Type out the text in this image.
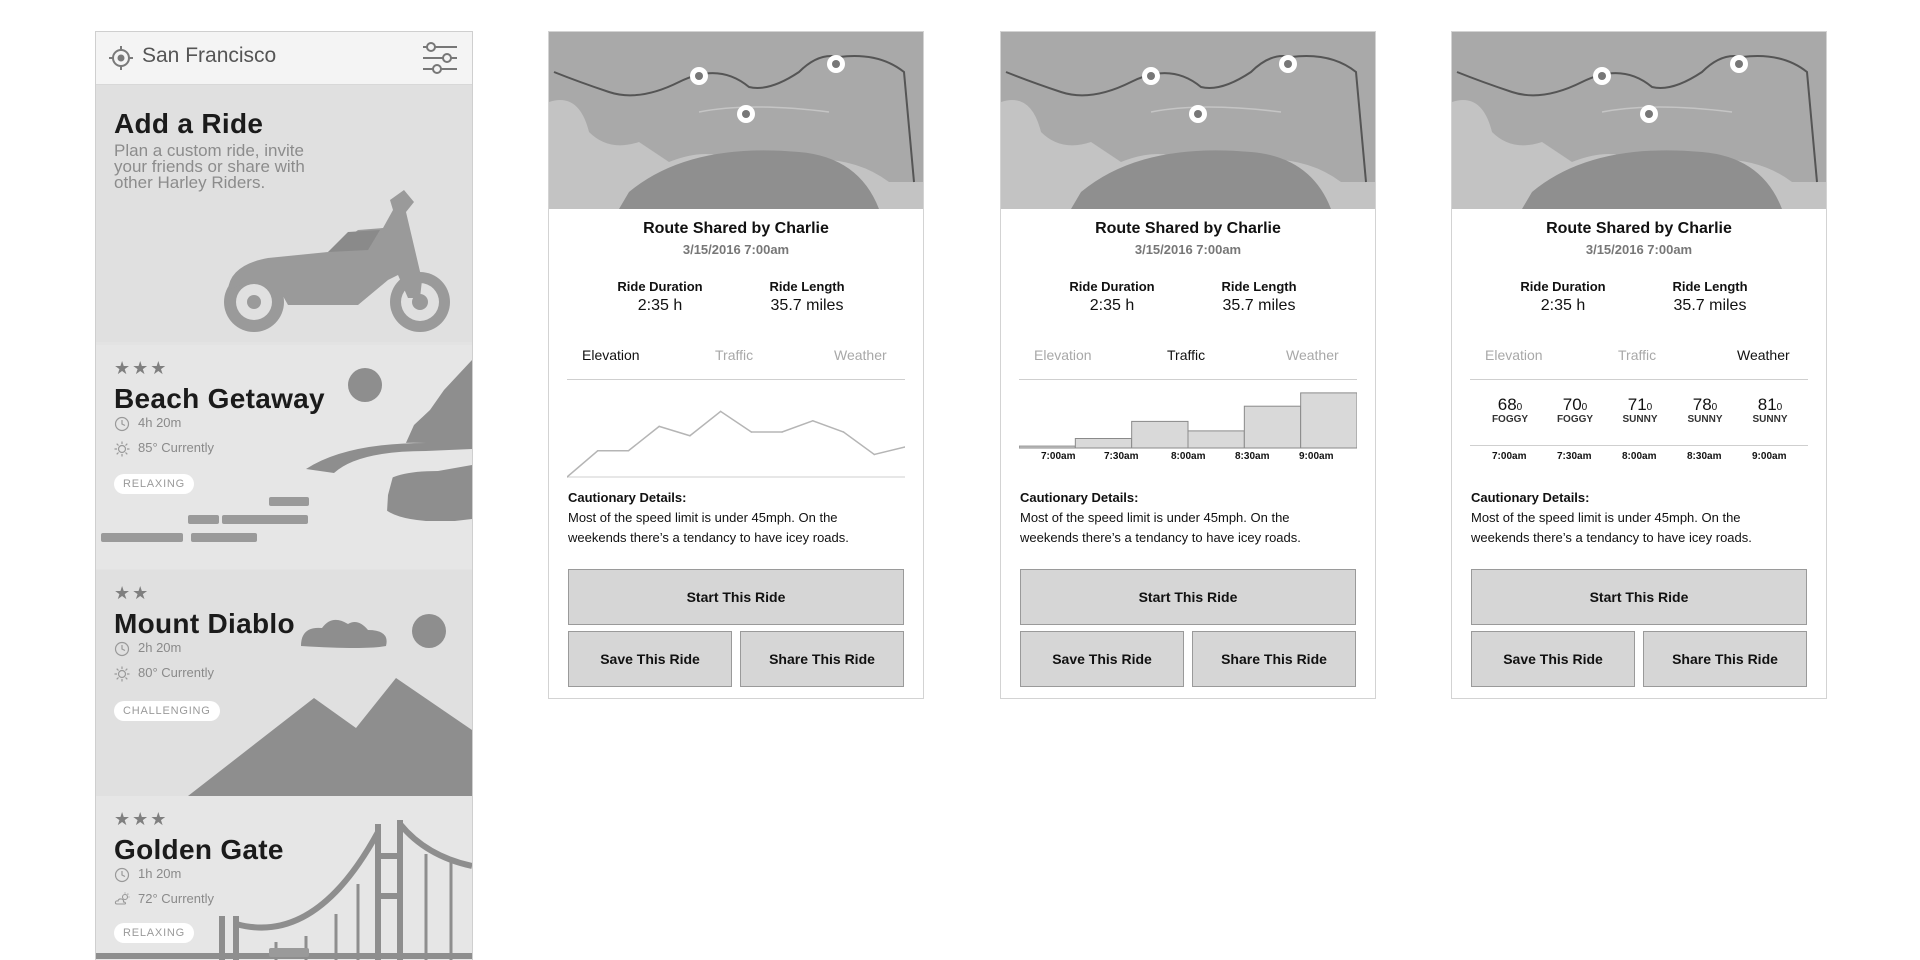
San Francisco
Add a Ride
Plan a custom ride, invite
your friends or share with
other Harley Riders.
★★★
Beach Getaway
4h 20m
85° Currently
RELAXING
★★
Mount Diablo
2h 20m
80° Currently
CHALLENGING
★★★
Golden Gate
1h 20m
72° Currently
RELAXING
Route Shared by Charlie
3/15/2016 7:00am
Ride Duration
2:35 h
Ride Length
35.7 miles
Elevation	Traffic	Weather
Cautionary Details:
Most of the speed limit is under 45mph. On the
weekends there’s a tendancy to have icey roads.
Start This Ride
Save This Ride	Share This Ride
Route Shared by Charlie
3/15/2016 7:00am
Ride Duration
2:35 h
Ride Length
35.7 miles
Elevation	Traffic	Weather
7:00am	7:30am	8:00am	8:30am	9:00am
Cautionary Details:
Most of the speed limit is under 45mph. On the
weekends there’s a tendancy to have icey roads.
Start This Ride
Save This Ride	Share This Ride
Route Shared by Charlie
3/15/2016 7:00am
Ride Duration
2:35 h
Ride Length
35.7 miles
Elevation	Traffic	Weather
680	700	710	780	810
FOGGY	FOGGY	SUNNY	SUNNY	SUNNY
7:00am	7:30am	8:00am	8:30am	9:00am
Cautionary Details:
Most of the speed limit is under 45mph. On the
weekends there’s a tendancy to have icey roads.
Start This Ride
Save This Ride	Share This Ride
